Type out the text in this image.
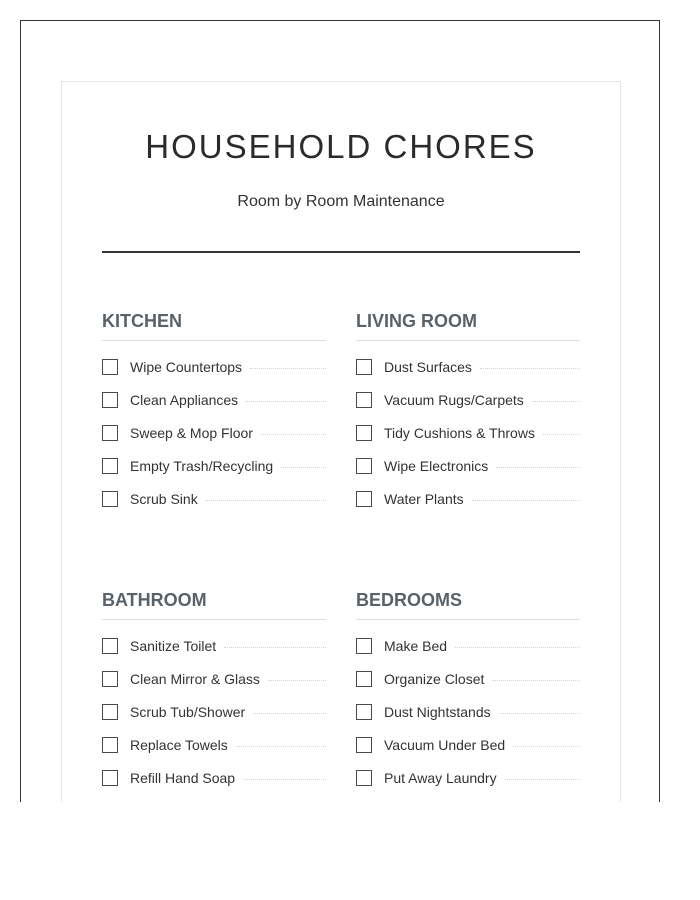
HOUSEHOLD CHORES
Room by Room Maintenance
KITCHEN
Wipe Countertops
Clean Appliances
Sweep & Mop Floor
Empty Trash/Recycling
Scrub Sink
LIVING ROOM
Dust Surfaces
Vacuum Rugs/Carpets
Tidy Cushions & Throws
Wipe Electronics
Water Plants
BATHROOM
Sanitize Toilet
Clean Mirror & Glass
Scrub Tub/Shower
Replace Towels
Refill Hand Soap
BEDROOMS
Make Bed
Organize Closet
Dust Nightstands
Vacuum Under Bed
Put Away Laundry
